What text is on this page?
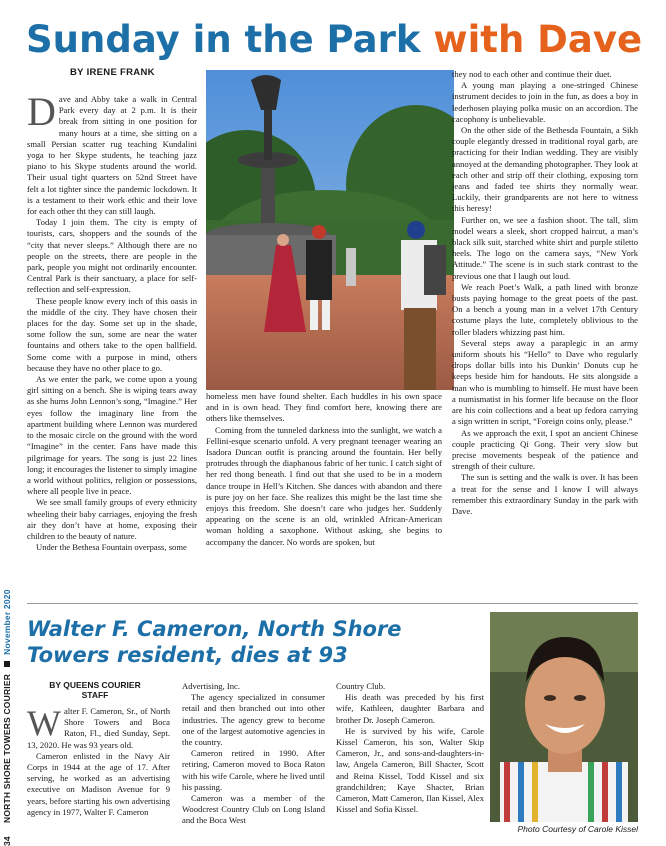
Sunday in the Park with Dave
BY IRENE FRANK

Dave and Abby take a walk in Central Park every day at 2 p.m. It is their break from sitting in one position for many hours at a time, she sitting on a small Persian scatter rug teaching Kundalini yoga to her Skype students, he teaching jazz piano to his Skype students around the world. Their usual tight quarters on 52nd Street have felt a lot tighter since the pandemic lockdown. It is a testament to their work ethic and their love for each other tht they can still laugh.

Today I join them. The city is empty of tourists, cars, shoppers and the sounds of the “city that never sleeps.” Although there are no people on the streets, there are people in the park, people you might not ordinarily encounter. Central Park is their sanctuary, a place for self-reflection and self-expression.

These people know every inch of this oasis in the middle of the city. They have chosen their places for the day. Some set up in the shade, some follow the sun, some are near the water fountains and others take to the open ballfield. Some come with a purpose in mind, others because they have no other place to go.

As we enter the park, we come upon a young girl sitting on a bench. She is wiping tears away as she hums John Lennon’s song, “Imagine.” Her eyes follow the imaginary line from the apartment building where Lennon was murdered to the mosaic circle on the ground with the word “Imagine” in the center. Fans have made this pilgrimage for years. The song is just 22 lines long; it encourages the listener to simply imagine a world without politics, religion or possessions, where all people live in peace.

We see small family groups of every ethnicity wheeling their baby carriages, enjoying the fresh air they don’t have at home, exposing their children to the beauty of nature.

Under the Bethesa Fountain overpass, some

homeless men have found shelter. Each huddles in his own space and in is own head. They find comfort here, knowing there are others like themselves.

Coming from the tunneled darkness into the sunlight, we watch a Fellini-esque scenario unfold. A very pregnant teenager wearing an Isadora Duncan outfit is prancing around the fountain. Her belly protrudes through the diaphanous fabric of her tunic. I catch sight of her red thong beneath. I find out that she used to be in a modern dance troupe in Hell’s Kitchen. She dances with abandon and there is pure joy on her face. She realizes this might be the last time she enjoys this freedom. She doesn’t care who judges her. Suddenly appearing on the scene is an old, wrinkled African-American woman holding a saxophone. Without asking, she begins to accompany the dancer. No words are spoken, but

they nod to each other and continue their duet.

A young man playing a one-stringed Chinese instrument decides to join in the fun, as does a boy in lederhosen playing polka music on an accordion. The cacophony is unbelievable.

On the other side of the Bethesda Fountain, a Sikh couple elegantly dressed in traditional royal garb, are practicing for their Indian wedding. They are visibly annoyed at the demanding photographer. They look at each other and strip off their clothing, exposing torn jeans and faded tee shirts they normally wear. Luckily, their grandparents are not here to witness this heresy!

Further on, we see a fashion shoot. The tall, slim model wears a sleek, short cropped haircut, a man’s black silk suit, starched white shirt and purple stiletto heels. The logo on the camera says, “New York Attitude.” The scene is in such stark contrast to the previous one that I laugh out loud.

We reach Poet’s Walk, a path lined with bronze busts paying homage to the great poets of the past. On a bench a young man in a velvet 17th Century costume plays the lute, completely oblivious to the roller bladers whizzing past him.

Several steps away a paraplegic in an army uniform shouts his “Hello” to Dave who regularly drops dollar bills into his Dunkin’ Donuts cup he keeps beside him for handouts. He sits alongside a man who is mumbling to himself. He must have been a numismatist in his former life because on the floor are his coin collections and a beat up fedora carrying a sign written in script, “Foreign coins only, please.”

As we approach the exit, I spot an ancient Chinese couple practicing Qi Gong. Their very slow but precise movements bespeak of the patience and strength of their culture.

The sun is setting and the walk is over. It has been a treat for the sense and I know I will always remember this extraordinary Sunday in the park with Dave.

34  NORTH SHORE TOWERS COURIER  November 2020 Walter F. Cameron, North Shore Towers resident, dies at 93
BY QUEENS COURIER
STAFF

Walter F. Cameron, Sr., of North Shore Towers and Boca Raton, Fl., died Sunday, Sept. 13, 2020. He was 93 years old.

Cameron enlisted in the Navy Air Corps in 1944 at the age of 17. After serving, he worked as an advertising executive on Madison Avenue for 9 years, before starting his own advertising agency in 1977, Walter F. Cameron

Advertising, Inc.

The agency specialized in consumer retail and then branched out into other industries. The agency grew to become one of the largest automotive agencies in the country.

Cameron retired in 1990. After retiring, Cameron moved to Boca Raton with his wife Carole, where he lived until his passing.

Cameron was a member of the Woodcrest Country Club on Long Island and the Boca West

Country Club.

His death was preceded by his first wife, Kathleen, daughter Barbara and brother Dr. Joseph Cameron.

He is survived by his wife, Carole Kissel Cameron, his son, Walter Skip Cameron, Jr., and sons-and-daughters-in-law, Angela Cameron, Bill Shacter, Scott and Reina Kissel, Todd Kissel and six grandchildren; Kaye Shacter, Brian Cameron, Matt Cameron, Ilan Kissel, Alex Kissel and Sofia Kissel.

Photo Courtesy of Carole Kissel
